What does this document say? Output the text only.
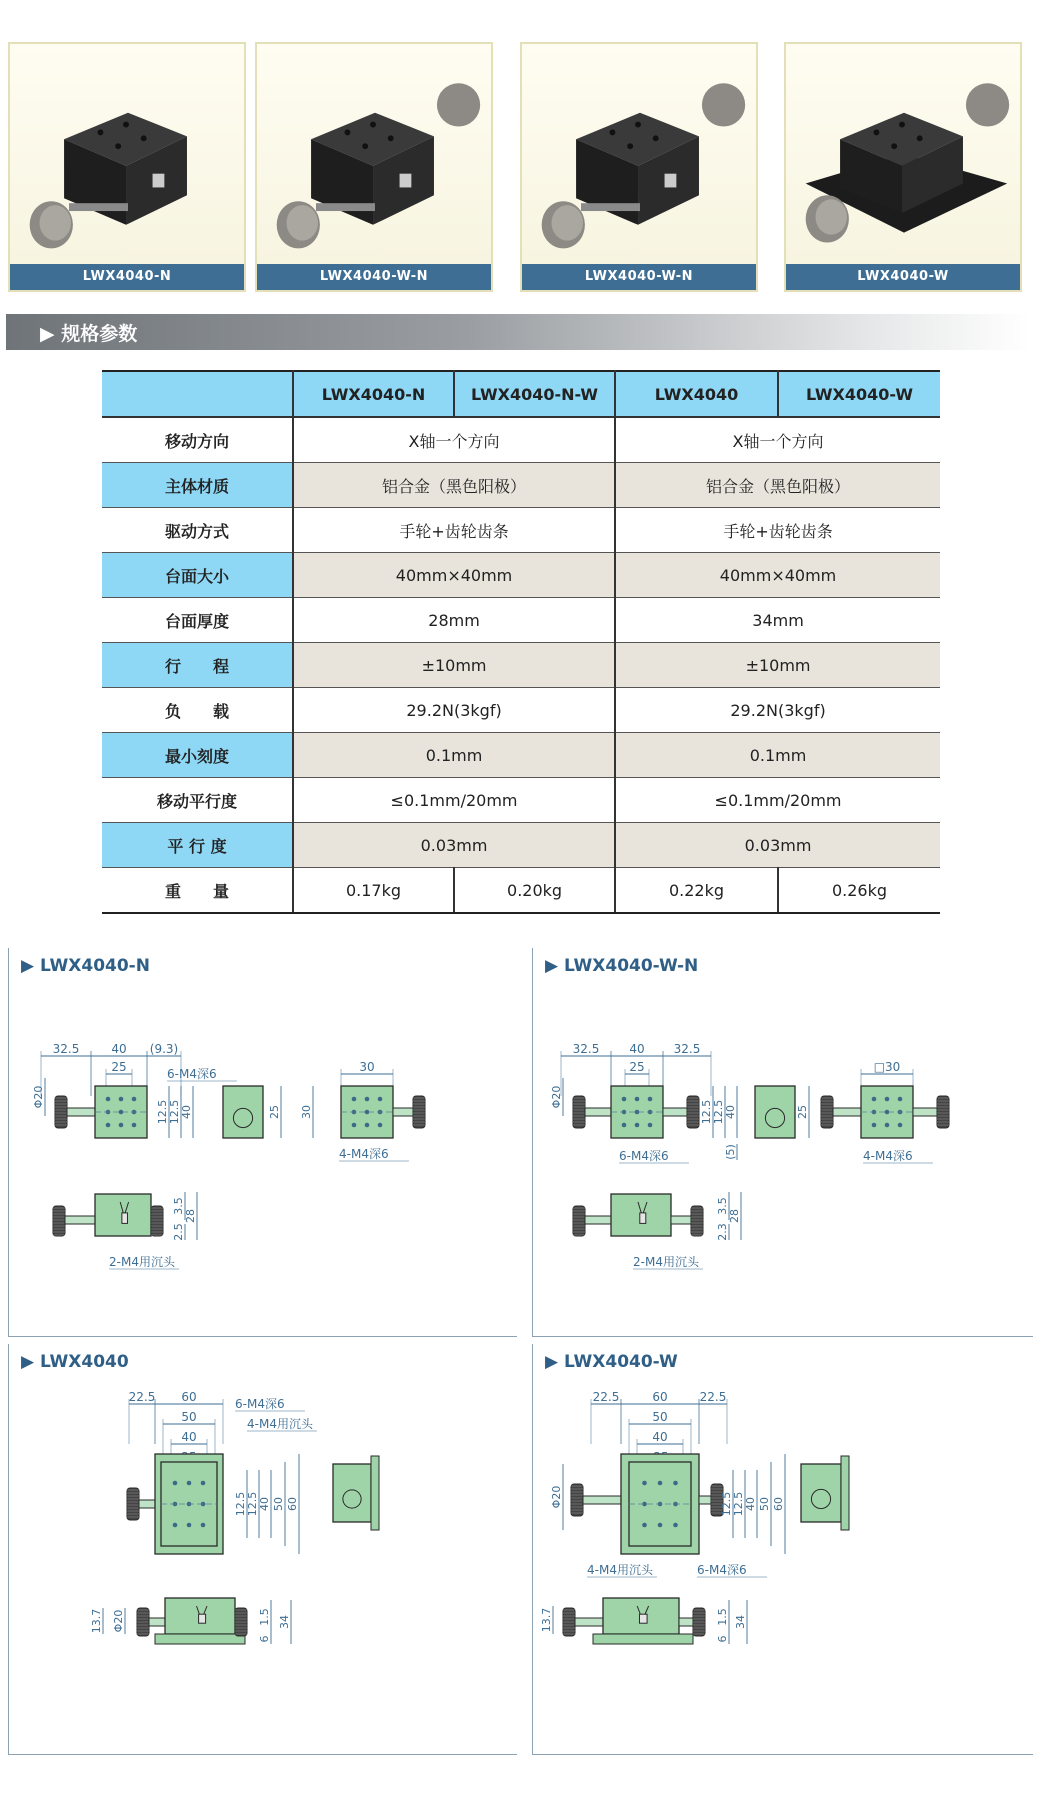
LWX4040-N	LWX4040-W-N	LWX4040-W-N	LWX4040-W
▶ 规格参数
	LWX4040-N	LWX4040-N-W	LWX4040	LWX4040-W
移动方向	X轴一个方向		X轴一个方向	
主体材质	铝合金（黑色阳极）		铝合金（黑色阳极）	
驱动方式	手轮+齿轮齿条		手轮+齿轮齿条	
台面大小	40mm×40mm		40mm×40mm	
台面厚度	28mm		34mm	
行　　程	±10mm		±10mm	
负　　载	29.2N(3kgf)		29.2N(3kgf)	
最小刻度	0.1mm		0.1mm	
移动平行度	≤0.1mm/20mm		≤0.1mm/20mm	
平 行 度	0.03mm		0.03mm	
重　　量	0.17kg	0.20kg	0.22kg	0.26kg
▶ LWX4040-N
32.5	40 (9.3)
25	6-M4深6
Φ20
12.5 12.5 40	25
30
30
4-M4深6
3.5
28
2.5
2-M4用沉头
▶ LWX4040-W-N
32.5	40 32.5
25
Φ20
12.5 12.5 40
(5)
25
□30
6-M4深6	4-M4深6
3.5
28
2.3
2-M4用沉头
▶ LWX4040
22.5 60
50
40
6-M4深6
4-M4用沉头
12.5 12.5 40 50 60
Φ20
13.7	1.5
6
34
▶ LWX4040-W
22.5	60	22.5
50
40
Φ20	12.5 12.5 40 50 60
4-M4用沉头	6-M4深6
13.7	1.5
6
34
